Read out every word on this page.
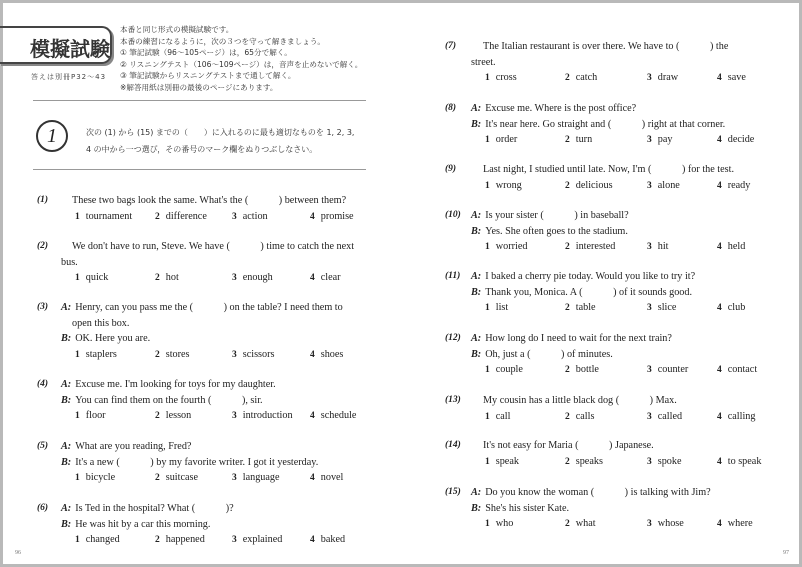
模擬試験
答えは別冊P32〜43
本番と同じ形式の模擬試験です。
本番の練習になるように，次の３つを守って解きましょう。
① 筆記試験（96〜105ページ）は，65分で解く。
② リスニングテスト（106〜109ページ）は，音声を止めないで解く。
③ 筆記試験からリスニングテストまで通して解く。
※解答用紙は別冊の最後のページにあります。
1	次の (1) から (15) までの（　　）に入れるのに最も適切なものを 1, 2, 3,
4 の中から一つ選び，その番号のマーク欄をぬりつぶしなさい。
96
(1) These two bags look the same. What's the (　　　) between them?
1 tournament 2 difference	3 action	4 promise
(2) We don't have to run, Steve. We have (　　　) time to catch the next
bus.
1 quick	2 hot	3 enough	4 clear
(3) A: Henry, can you pass me the (　　　) on the table? I need them to
open this box.
B: OK. Here you are.
1 staplers	2 stores	3 scissors	4 shoes
(4) A: Excuse me. I'm looking for toys for my daughter.
B: You can find them on the fourth (　　　), sir.
1 floor	2 lesson	3 introduction 4 schedule
(5) A: What are you reading, Fred?
B: It's a new (　　　) by my favorite writer. I got it yesterday.
1 bicycle	2 suitcase	3 language	4 novel
(6) A: Is Ted in the hospital? What (　　　)?
B: He was hit by a car this morning.
1 changed	2 happened	3 explained	4 baked
97
(7)	The Italian restaurant is over there. We have to (　　　) the
street.
1 cross	2 catch	3 draw	4 save
(8) A: Excuse me. Where is the post office?
B: It's near here. Go straight and (　　　) right at that corner.
1 order	2 turn	3 pay	4 decide
(9)	Last night, I studied until late. Now, I'm (　　　) for the test.
1 wrong	2 delicious	3 alone	4 ready
(10) A: Is your sister (　　　) in baseball?
B: Yes. She often goes to the stadium.
1 worried	2 interested	3 hit	4 held
(11) A: I baked a cherry pie today. Would you like to try it?
B: Thank you, Monica. A (　　　) of it sounds good.
1 list	2 table	3 slice	4 club
(12) A: How long do I need to wait for the next train?
B: Oh, just a (　　　) of minutes.
1 couple	2 bottle	3 counter	4 contact
(13) My cousin has a little black dog (　　　) Max.
1 call	2 calls	3 called	4 calling
(14) It's not easy for Maria (　　　) Japanese.
1 speak	2 speaks	3 spoke	4 to speak
(15) A: Do you know the woman (　　　) is talking with Jim?
B: She's his sister Kate.
1 who	2 what	3 whose	4 where
